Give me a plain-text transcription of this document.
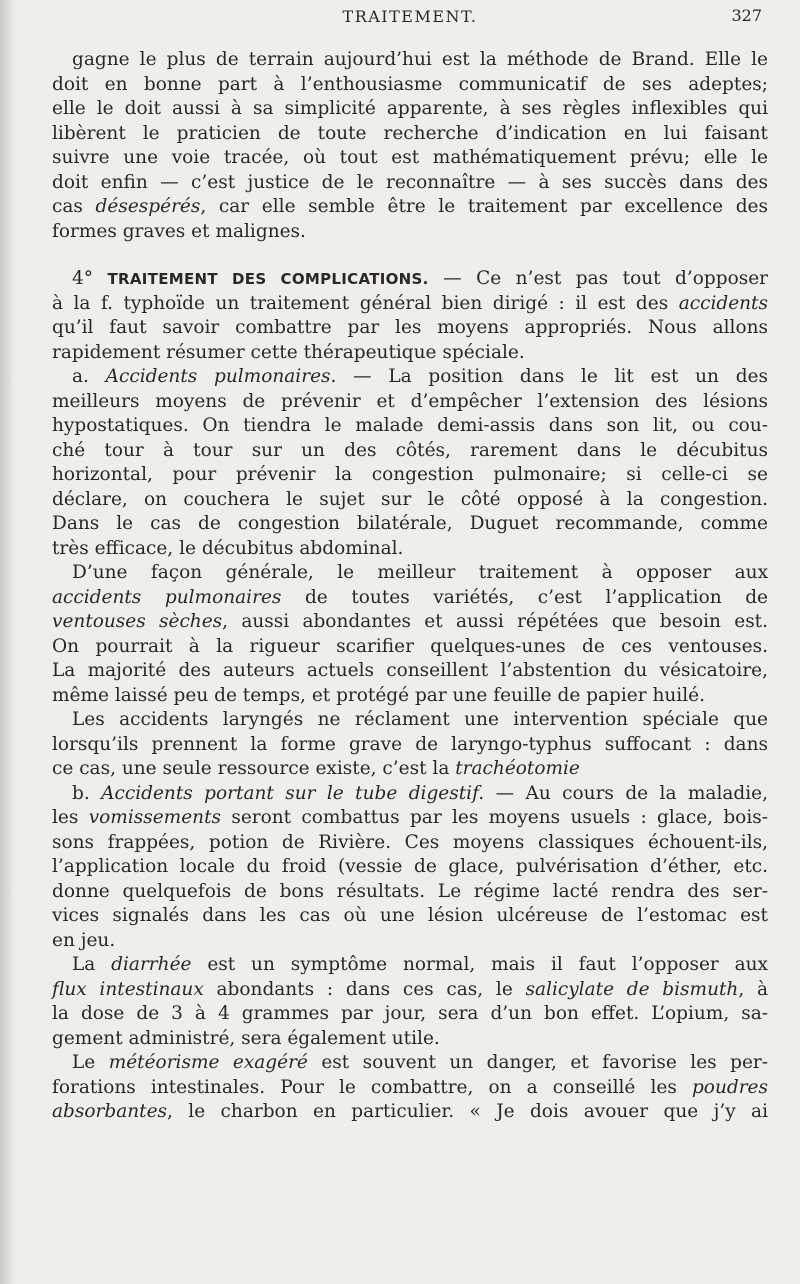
TRAITEMENT.	327
gagne le plus de terrain aujourd’hui est la méthode de Brand. Elle le
doit en bonne part à l’enthousiasme communicatif de ses adeptes;
elle le doit aussi à sa simplicité apparente, à ses règles inflexibles qui
libèrent le praticien de toute recherche d’indication en lui faisant
suivre une voie tracée, où tout est mathématiquement prévu; elle le
doit enfin — c’est justice de le reconnaître — à ses succès dans des
cas désespérés, car elle semble être le traitement par excellence des
formes graves et malignes.
4° TRAITEMENT DES COMPLICATIONS. — Ce n’est pas tout d’opposer
à la f. typhoïde un traitement général bien dirigé : il est des accidents
qu’il faut savoir combattre par les moyens appropriés. Nous allons
rapidement résumer cette thérapeutique spéciale.
a. Accidents pulmonaires. — La position dans le lit est un des
meilleurs moyens de prévenir et d’empêcher l’extension des lésions
hypostatiques. On tiendra le malade demi-assis dans son lit, ou cou-
ché tour à tour sur un des côtés, rarement dans le décubitus
horizontal, pour prévenir la congestion pulmonaire; si celle-ci se
déclare, on couchera le sujet sur le côté opposé à la congestion.
Dans le cas de congestion bilatérale, Duguet recommande, comme
très efficace, le décubitus abdominal.
D’une façon générale, le meilleur traitement à opposer aux
accidents pulmonaires de toutes variétés, c’est l’application de
ventouses sèches, aussi abondantes et aussi répétées que besoin est.
On pourrait à la rigueur scarifier quelques-unes de ces ventouses.
La majorité des auteurs actuels conseillent l’abstention du vésicatoire,
même laissé peu de temps, et protégé par une feuille de papier huilé.
Les accidents laryngés ne réclament une intervention spéciale que
lorsqu’ils prennent la forme grave de laryngo-typhus suffocant : dans
ce cas, une seule ressource existe, c’est la trachéotomie
b. Accidents portant sur le tube digestif. — Au cours de la maladie,
les vomissements seront combattus par les moyens usuels : glace, bois-
sons frappées, potion de Rivière. Ces moyens classiques échouent-ils,
l’application locale du froid (vessie de glace, pulvérisation d’éther, etc.
donne quelquefois de bons résultats. Le régime lacté rendra des ser-
vices signalés dans les cas où une lésion ulcéreuse de l’estomac est
en jeu.
La diarrhée est un symptôme normal, mais il faut l’opposer aux
flux intestinaux abondants : dans ces cas, le salicylate de bismuth, à
la dose de 3 à 4 grammes par jour, sera d’un bon effet. L’opium, sa-
gement administré, sera également utile.
Le météorisme exagéré est souvent un danger, et favorise les per-
forations intestinales. Pour le combattre, on a conseillé les poudres
absorbantes, le charbon en particulier. « Je dois avouer que j’y ai
